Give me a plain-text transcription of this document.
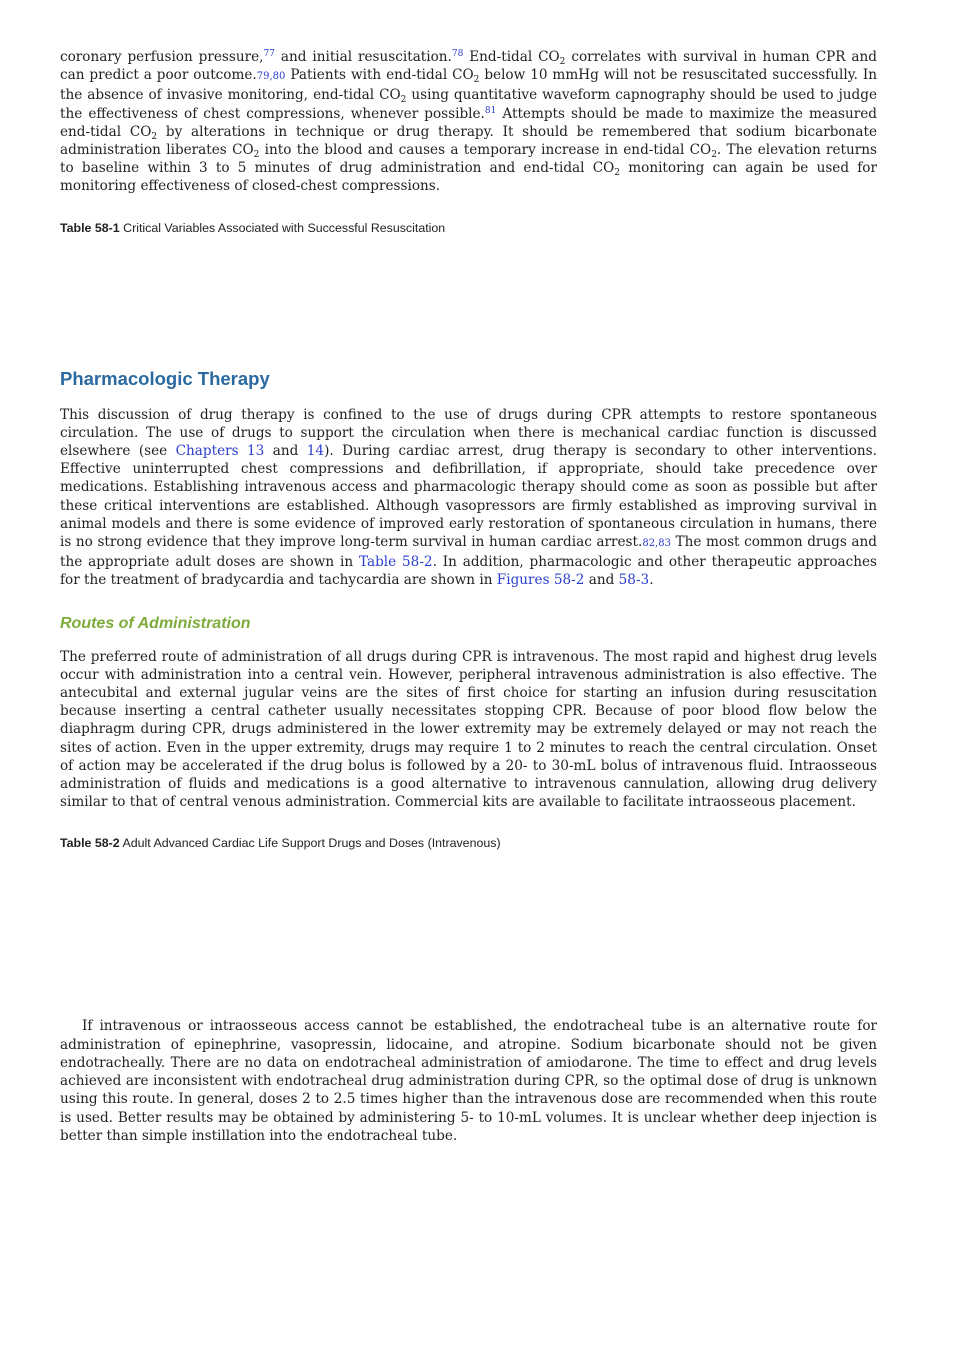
coronary perfusion pressure,$^{77}$ and initial resuscitation.$^{78}$ End-tidal $CO_2$ correlates with survival in human CPR and can predict a poor outcome.79,80 Patients with end-tidal $CO_2$ below 10 mmHg will not be resuscitated successfully. In the absence of invasive monitoring, end-tidal $CO_2$ using quantitative waveform capnography should be used to judge the effectiveness of chest compressions, whenever possible.$^{81}$ Attempts should be made to maximize the measured end-tidal $CO_2$ by alterations in technique or drug therapy. It should be remembered that sodium bicarbonate administration liberates $CO_2$ into the blood and causes a temporary increase in end-tidal $CO_2$. The elevation returns to baseline within 3 to 5 minutes of drug administration and end-tidal $CO_2$ monitoring can again be used for monitoring effectiveness of closed-chest compressions.

Table 58-1 Critical Variables Associated with Successful Resuscitation

Pharmacologic Therapy

This discussion of drug therapy is confined to the use of drugs during CPR attempts to restore spontaneous circulation. The use of drugs to support the circulation when there is mechanical cardiac function is discussed elsewhere (see Chapters 13 and 14). During cardiac arrest, drug therapy is secondary to other interventions. Effective uninterrupted chest compressions and defibrillation, if appropriate, should take precedence over medications. Establishing intravenous access and pharmacologic therapy should come as soon as possible but after these critical interventions are established. Although vasopressors are firmly established as improving survival in animal models and there is some evidence of improved early restoration of spontaneous circulation in humans, there is no strong evidence that they improve long-term survival in human cardiac arrest.82,83 The most common drugs and the appropriate adult doses are shown in Table 58-2. In addition, pharmacologic and other therapeutic approaches for the treatment of bradycardia and tachycardia are shown in Figures 58-2 and 58-3.

Routes of Administration

The preferred route of administration of all drugs during CPR is intravenous. The most rapid and highest drug levels occur with administration into a central vein. However, peripheral intravenous administration is also effective. The antecubital and external jugular veins are the sites of first choice for starting an infusion during resuscitation because inserting a central catheter usually necessitates stopping CPR. Because of poor blood flow below the diaphragm during CPR, drugs administered in the lower extremity may be extremely delayed or may not reach the sites of action. Even in the upper extremity, drugs may require 1 to 2 minutes to reach the central circulation. Onset of action may be accelerated if the drug bolus is followed by a 20- to 30-mL bolus of intravenous fluid. Intraosseous administration of fluids and medications is a good alternative to intravenous cannulation, allowing drug delivery similar to that of central venous administration. Commercial kits are available to facilitate intraosseous placement.

Table 58-2 Adult Advanced Cardiac Life Support Drugs and Doses (Intravenous)

If intravenous or intraosseous access cannot be established, the endotracheal tube is an alternative route for administration of epinephrine, vasopressin, lidocaine, and atropine. Sodium bicarbonate should not be given endotracheally. There are no data on endotracheal administration of amiodarone. The time to effect and drug levels achieved are inconsistent with endotracheal drug administration during CPR, so the optimal dose of drug is unknown using this route. In general, doses 2 to 2.5 times higher than the intravenous dose are recommended when this route is used. Better results may be obtained by administering 5- to 10-mL volumes. It is unclear whether deep injection is better than simple instillation into the endotracheal tube.
